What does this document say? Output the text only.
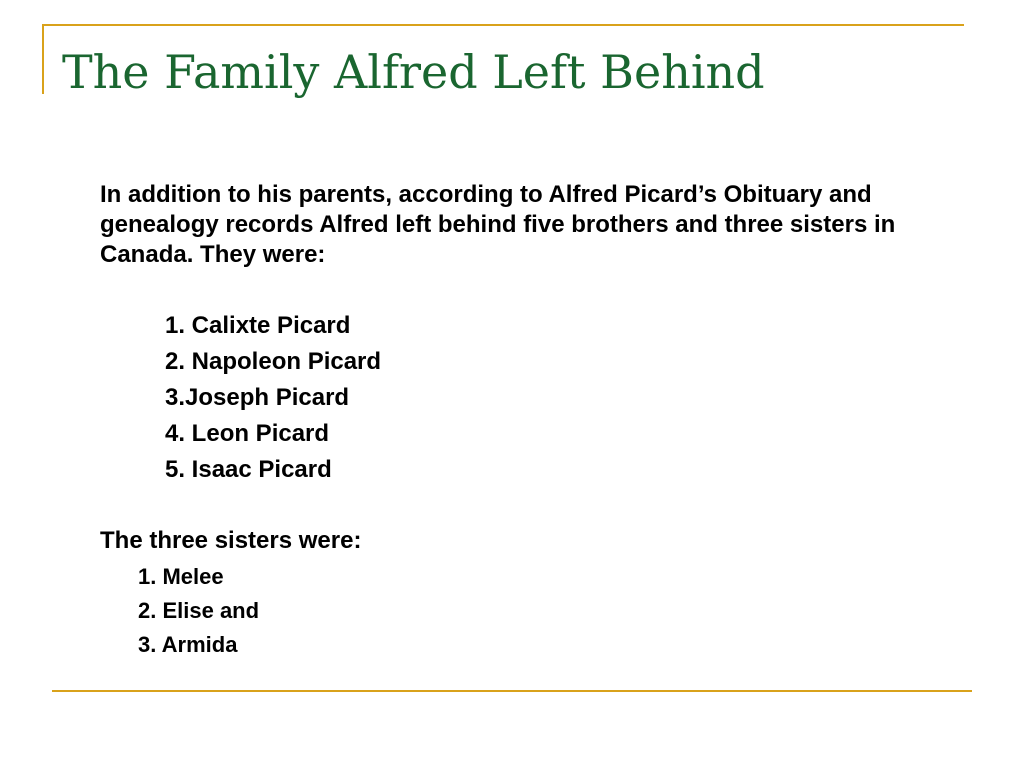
The Family Alfred Left Behind

In addition to his parents, according to Alfred Picard’s Obituary and genealogy records Alfred left behind five brothers and three sisters in Canada. They were:

1. Calixte Picard
2. Napoleon Picard
3.Joseph Picard
4. Leon Picard
5. Isaac Picard

The three sisters were:

1. Melee
2. Elise and
3. Armida
